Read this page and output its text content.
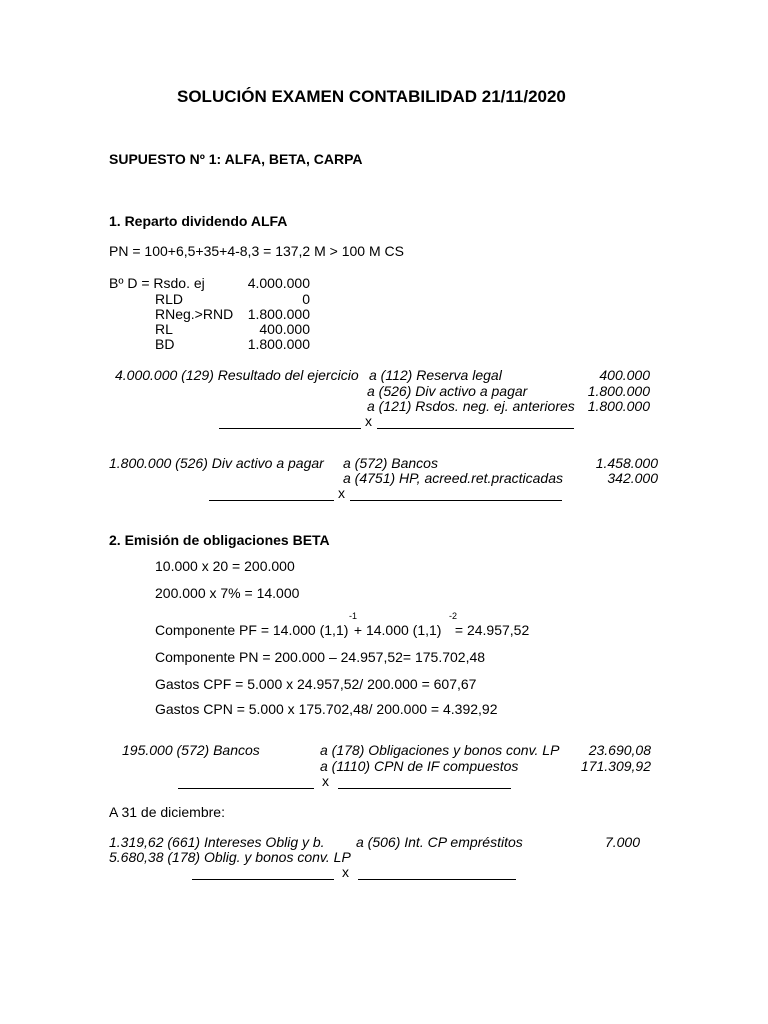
SOLUCIÓN EXAMEN CONTABILIDAD 21/11/2020
SUPUESTO Nº 1: ALFA, BETA, CARPA
1. Reparto dividendo ALFA
PN = 100+6,5+35+4-8,3 = 137,2 M > 100 M CS
Bº D = Rsdo. ej	4.000.000
RLD	0
RNeg.>RND	1.800.000
RL	400.000
BD	1.800.000
4.000.000 (129) Resultado del ejercicio a (112) Reserva legal	400.000
a (526) Div activo a pagar	1.800.000
a (121) Rsdos. neg. ej. anteriores 1.800.000
x
1.800.000 (526) Div activo a pagar a (572) Bancos	1.458.000
a (4751) HP, acreed.ret.practicadas	342.000
x
2. Emisión de obligaciones BETA
10.000 x 20 = 200.000
200.000 x 7% = 14.000
-1	-2
Componente PF = 14.000 (1,1) + 14.000 (1,1) = 24.957,52
Componente PN = 200.000 – 24.957,52= 175.702,48
Gastos CPF = 5.000 x 24.957,52/ 200.000 = 607,67
Gastos CPN = 5.000 x 175.702,48/ 200.000 = 4.392,92
195.000 (572) Bancos	a (178) Obligaciones y bonos conv. LP	23.690,08
a (1110) CPN de IF compuestos	171.309,92
x
A 31 de diciembre:
1.319,62 (661) Intereses Oblig y b. a (506) Int. CP empréstitos	7.000
5.680,38 (178) Oblig. y bonos conv. LP
x
